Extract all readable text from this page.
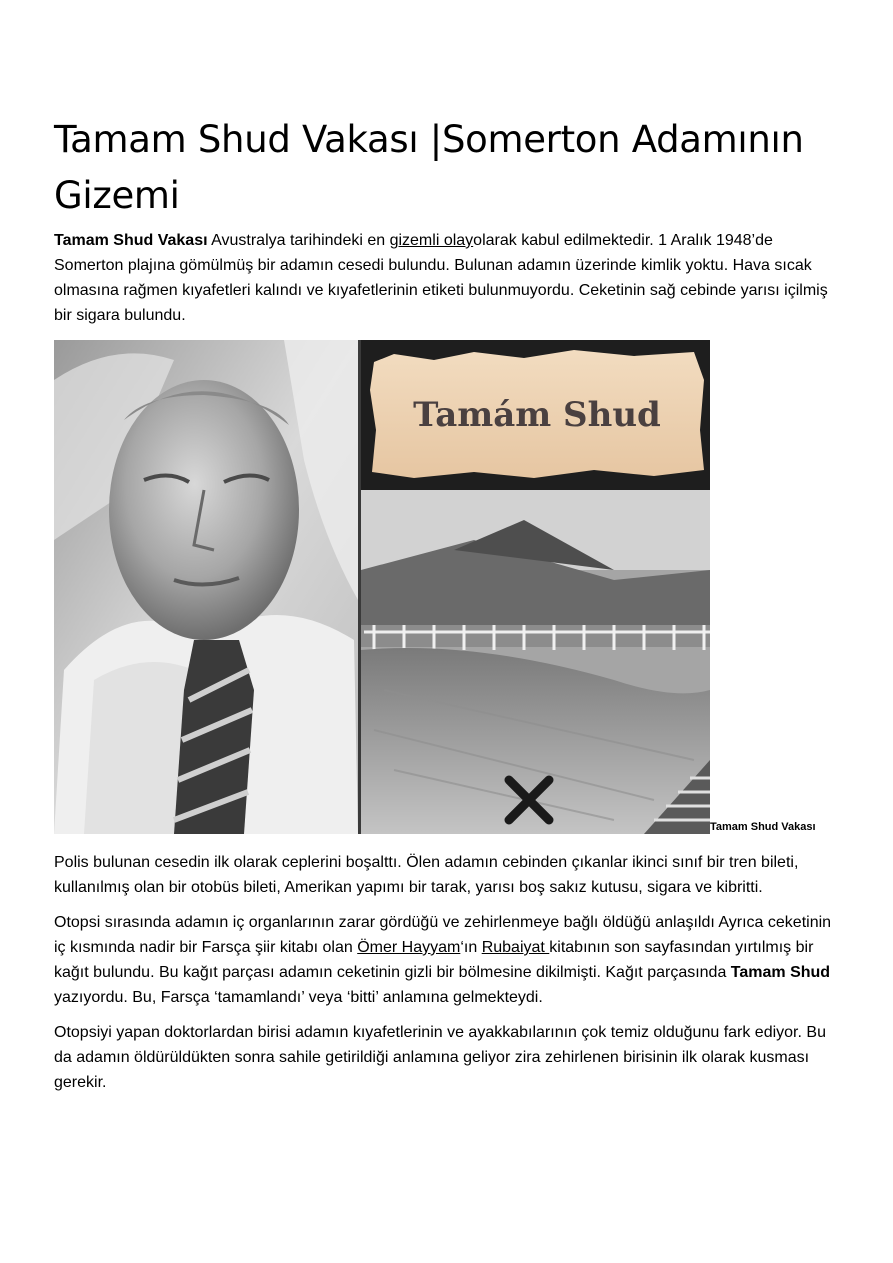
Tamam Shud Vakası |Somerton Adamının Gizemi

Tamam Shud Vakası Avustralya tarihindeki en gizemli olayolarak kabul edilmektedir. 1 Aralık 1948’de Somerton plajına gömülmüş bir adamın cesedi bulundu. Bulunan adamın üzerinde kimlik yoktu. Hava sıcak olmasına rağmen kıyafetleri kalındı ve kıyafetlerinin etiketi bulunmuyordu. Ceketinin sağ cebinde yarısı içilmiş bir sigara bulundu.

Tamám Shud
Tamam Shud Vakası

Polis bulunan cesedin ilk olarak ceplerini boşalttı. Ölen adamın cebinden çıkanlar ikinci sınıf bir tren bileti, kullanılmış olan bir otobüs bileti, Amerikan yapımı bir tarak, yarısı boş sakız kutusu, sigara ve kibritti.

Otopsi sırasında adamın iç organlarının zarar gördüğü ve zehirlenmeye bağlı öldüğü anlaşıldı Ayrıca ceketinin iç kısmında nadir bir Farsça şiir kitabı olan Ömer Hayyam‘ın Rubaiyat kitabının son sayfasından yırtılmış bir kağıt bulundu. Bu kağıt parçası adamın ceketinin gizli bir bölmesine dikilmişti. Kağıt parçasında Tamam Shud yazıyordu. Bu, Farsça ‘tamamlandı’ veya ‘bitti’ anlamına gelmekteydi.

Otopsiyi yapan doktorlardan birisi adamın kıyafetlerinin ve ayakkabılarının çok temiz olduğunu fark ediyor. Bu da adamın öldürüldükten sonra sahile getirildiği anlamına geliyor zira zehirlenen birisinin ilk olarak kusması gerekir.
